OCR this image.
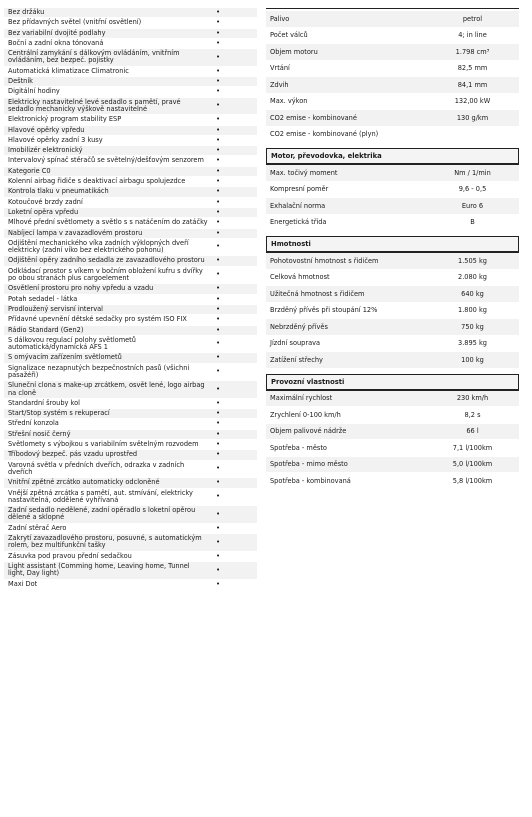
Bez držáku	•
Bez přídavných světel (vnitřní osvětlení)	•
Bez variabilní dvojité podlahy	•
Boční a zadní okna tónovaná	•
Centrální zamykání s dálkovým ovládáním, vnitřním ovládáním, bez bezpeč. pojistky	•
Automatická klimatizace Climatronic	•
Deštník	•
Digitální hodiny	•
Elektricky nastavitelné levé sedadlo s pamětí, pravé sedadlo mechanicky výškově nastavitelné	•
Elektronický program stability ESP	•
Hlavové opěrky vpředu	•
Hlavové opěrky zadní 3 kusy	•
Imobilizér elektronický	•
Intervalový spínač stěračů se světelný/dešťovým senzorem	•
Kategorie C0	•
Kolenní airbag řidiče s deaktivací airbagu spolujezdce	•
Kontrola tlaku v pneumatikách	•
Kotoučové brzdy zadní	•
Loketní opěra vpředu	•
Mlhové přední světlomety a světlo s s natáčením do zatáčky	•
Nabíjecí lampa v zavazadlovém prostoru	•
Odjištění mechanického víka zadních výklopných dveří elektricky (zadní víko bez elektrického pohonu)	•
Odjištění opěry zadního sedadla ze zavazadlového prostoru	•
Odkládací prostor s víkem v bočním obložení kufru s dvířky po obou stranách plus cargoelement	•
Osvětlení prostoru pro nohy vpředu a vzadu	•
Potah sedadel - látka	•
Prodloužený servisní interval	•
Přídavné upevnění dětské sedačky pro systém ISO FIX	•
Rádio Standard (Gen2)	•
S dálkovou regulací polohy světlometů automatická/dynamická AFS 1	•
S omývacím zařízením světlometů	•
Signalizace nezapnutých bezpečnostních pasů (všichni pasažéři)	•
Sluneční clona s make-up zrcátkem, osvět lené, logo airbag na cloně	•
Standardní šrouby kol	•
Start/Stop systém s rekuperací	•
Střední konzola	•
Střešní nosič černý	•
Světlomety s výbojkou s variabilním světelným rozvodem	•
Tříbodový bezpeč. pás vzadu uprostřed	•
Varovná světla v předních dveřích, odrazka v zadních dveřích	•
Vnitřní zpětné zrcátko automaticky odcloněné	•
Vnější zpětná zrcátka s pamětí, aut. stmívání, elektricky nastavitelná, oddělené vyhřívaná	•
Zadní sedadlo nedělené, zadní opěradlo s loketní opěrou dělené a sklopné	•
Zadní stěrač Aero	•
Zakrytí zavazadlového prostoru, posuvné, s automatickým rolem, bez multifunkční tašky	•
Zásuvka pod pravou přední sedačkou	•
Light assistant (Comming home, Leaving home, Tunnel light, Day light)	•
Maxi Dot	•
Palivo	petrol
Počet válců	4; in line
Objem motoru	1.798 cm³
Vrtání	82,5 mm
Zdvih	84,1 mm
Max. výkon	132,00 kW
CO2 emise - kombinované	130 g/km
CO2 emise - kombinované (plyn)
Motor, převodovka, elektrika
Max. točivý moment	Nm / 1/min
Kompresní poměr	9,6 - 0,5
Exhalační norma	Euro 6
Energetická třída	B
Hmotnosti
Pohotovostní hmotnost s řidičem	1.505 kg
Celková hmotnost	2.080 kg
Užitečná hmotnost s řidičem	640 kg
Brzděný přívěs při stoupání 12%	1.800 kg
Nebrzděný přívěs	750 kg
Jízdní souprava	3.895 kg
Zatížení střechy	100 kg
Provozní vlastnosti
Maximální rychlost	230 km/h
Zrychlení 0-100 km/h	8,2 s
Objem palivové nádrže	66 l
Spotřeba - město	7,1 l/100km
Spotřeba - mimo město	5,0 l/100km
Spotřeba - kombinovaná	5,8 l/100km
